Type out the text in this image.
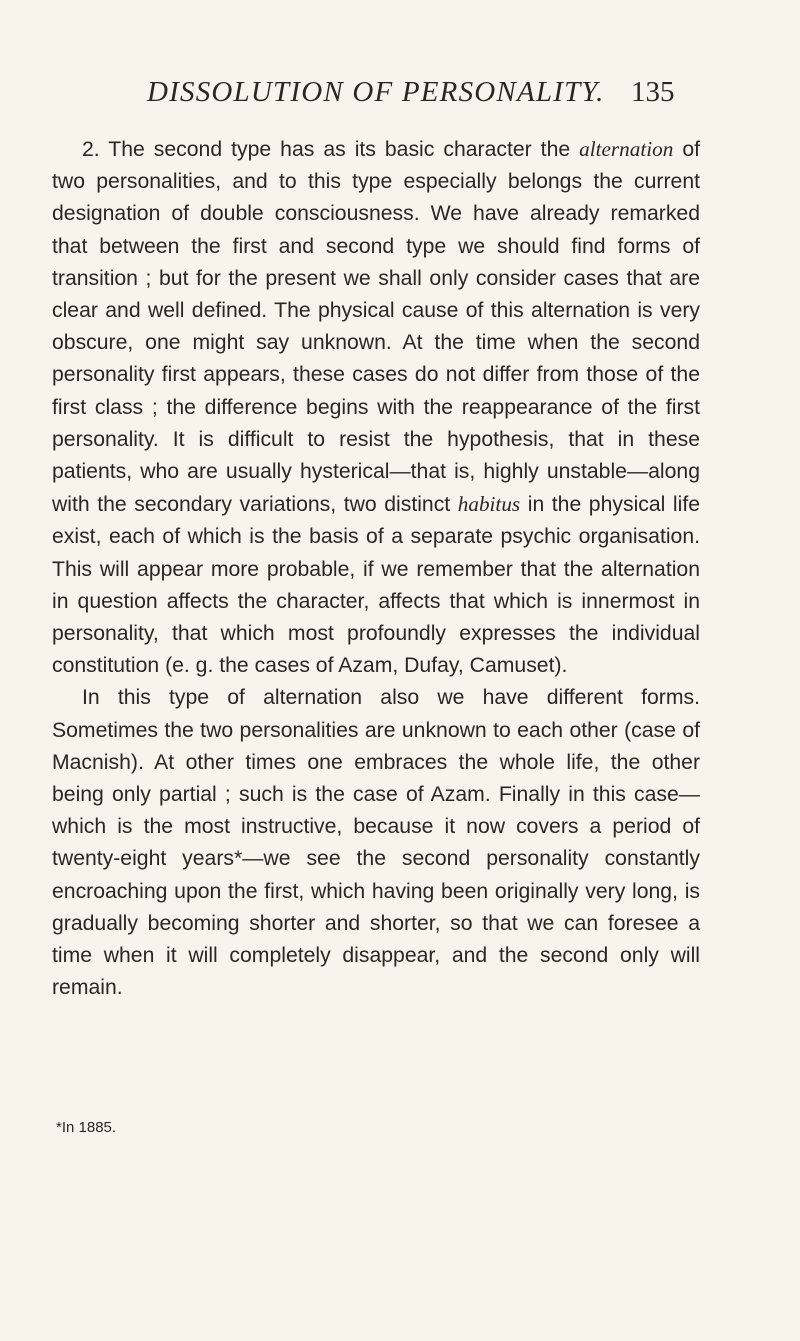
DISSOLUTION OF PERSONALITY. 135

2. The second type has as its basic character the alternation of two personalities, and to this type especially belongs the current designation of double consciousness. We have already remarked that between the first and second type we should find forms of transition ; but for the present we shall only consider cases that are clear and well defined. The physical cause of this alternation is very obscure, one might say unknown. At the time when the second personality first appears, these cases do not differ from those of the first class ; the difference begins with the reappearance of the first personality. It is difficult to resist the hypothesis, that in these patients, who are usually hysterical—that is, highly unstable—along with the secondary variations, two distinct habitus in the physical life exist, each of which is the basis of a separate psychic organisation. This will appear more probable, if we remember that the alternation in question affects the character, affects that which is innermost in personality, that which most profoundly expresses the individual constitution (e. g. the cases of Azam, Dufay, Camuset).

In this type of alternation also we have different forms. Sometimes the two personalities are unknown to each other (case of Macnish). At other times one embraces the whole life, the other being only partial ; such is the case of Azam. Finally in this case—which is the most instructive, because it now covers a period of twenty-eight years*—we see the second personality constantly encroaching upon the first, which having been originally very long, is gradually becoming shorter and shorter, so that we can foresee a time when it will completely disappear, and the second only will remain.

*In 1885.
